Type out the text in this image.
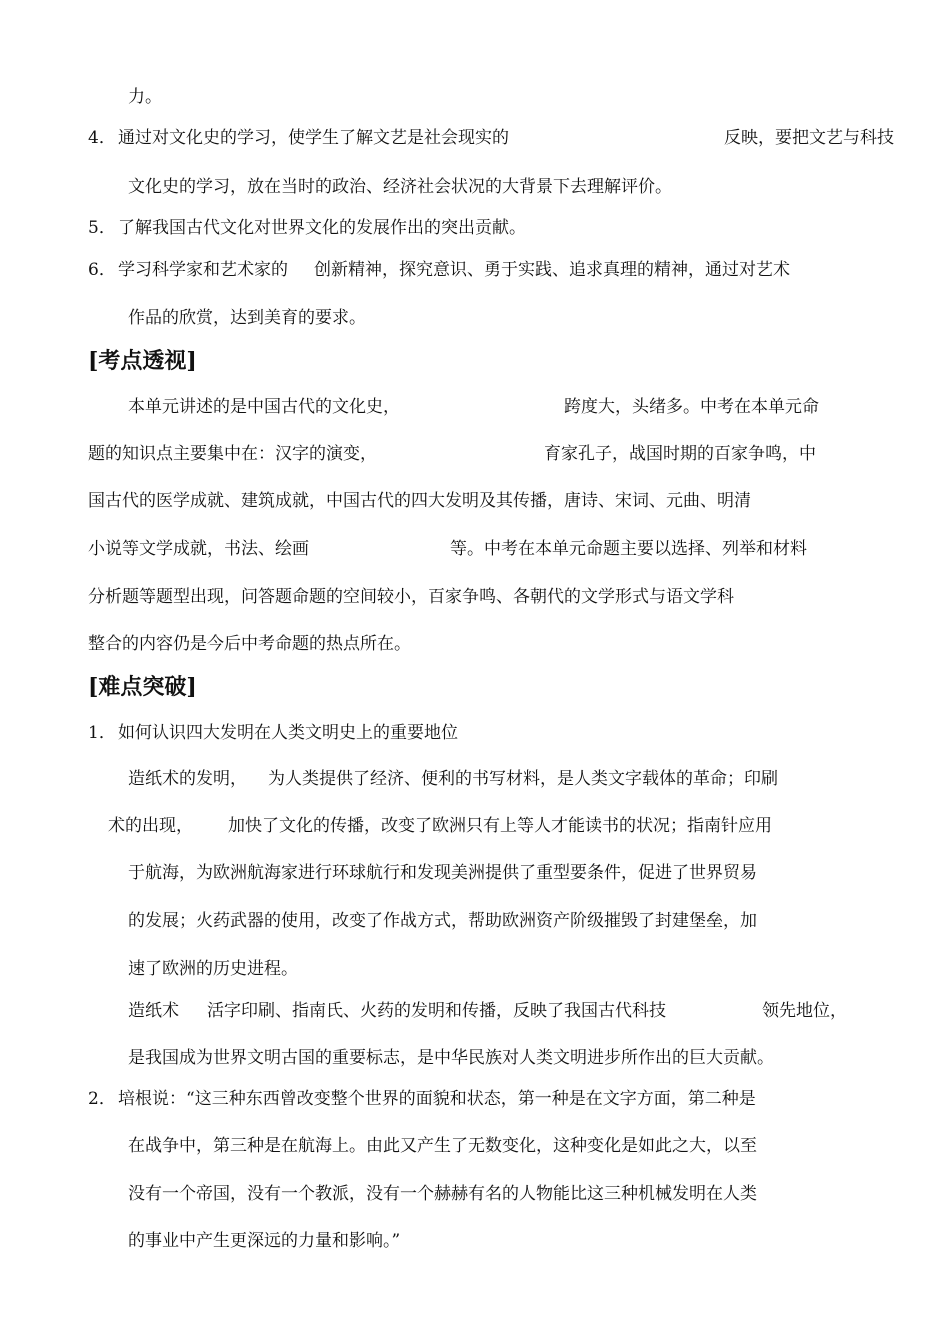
力。
4． 通过对文化史的学习，使学生了解文艺是社会现实的	反映，要把文艺与科技
文化史的学习，放在当时的政治、经济社会状况的大背景下去理解评价。
5． 了解我国古代文化对世界文化的发展作出的突出贡献。
6． 学习科学家和艺术家的 创新精神，探究意识、勇于实践、追求真理的精神，通过对艺术
作品的欣赏，达到美育的要求。
[考点透视]
本单元讲述的是中国古代的文化史，	跨度大，头绪多。中考在本单元命
题的知识点主要集中在：汉字的演变，	育家孔子，战国时期的百家争鸣，中
国古代的医学成就、建筑成就，中国古代的四大发明及其传播，唐诗、宋词、元曲、明清
小说等文学成就，书法、绘画	等。中考在本单元命题主要以选择、列举和材料
分析题等题型出现，问答题命题的空间较小，百家争鸣、各朝代的文学形式与语文学科
整合的内容仍是今后中考命题的热点所在。
[难点突破]
1． 如何认识四大发明在人类文明史上的重要地位
造纸术的发明， 为人类提供了经济、便利的书写材料，是人类文字载体的革命；印刷
术的出现， 加快了文化的传播，改变了欧洲只有上等人才能读书的状况；指南针应用
于航海，为欧洲航海家进行环球航行和发现美洲提供了重型要条件，促进了世界贸易
的发展；火药武器的使用，改变了作战方式，帮助欧洲资产阶级摧毁了封建堡垒，加
速了欧洲的历史进程。
造纸术 活字印刷、指南氏、火药的发明和传播，反映了我国古代科技	领先地位，
是我国成为世界文明古国的重要标志，是中华民族对人类文明进步所作出的巨大贡献。
2． 培根说：“这三种东西曾改变整个世界的面貌和状态，第一种是在文字方面，第二种是
在战争中，第三种是在航海上。由此又产生了无数变化，这种变化是如此之大，以至
没有一个帝国，没有一个教派，没有一个赫赫有名的人物能比这三种机械发明在人类
的事业中产生更深远的力量和影响。”
